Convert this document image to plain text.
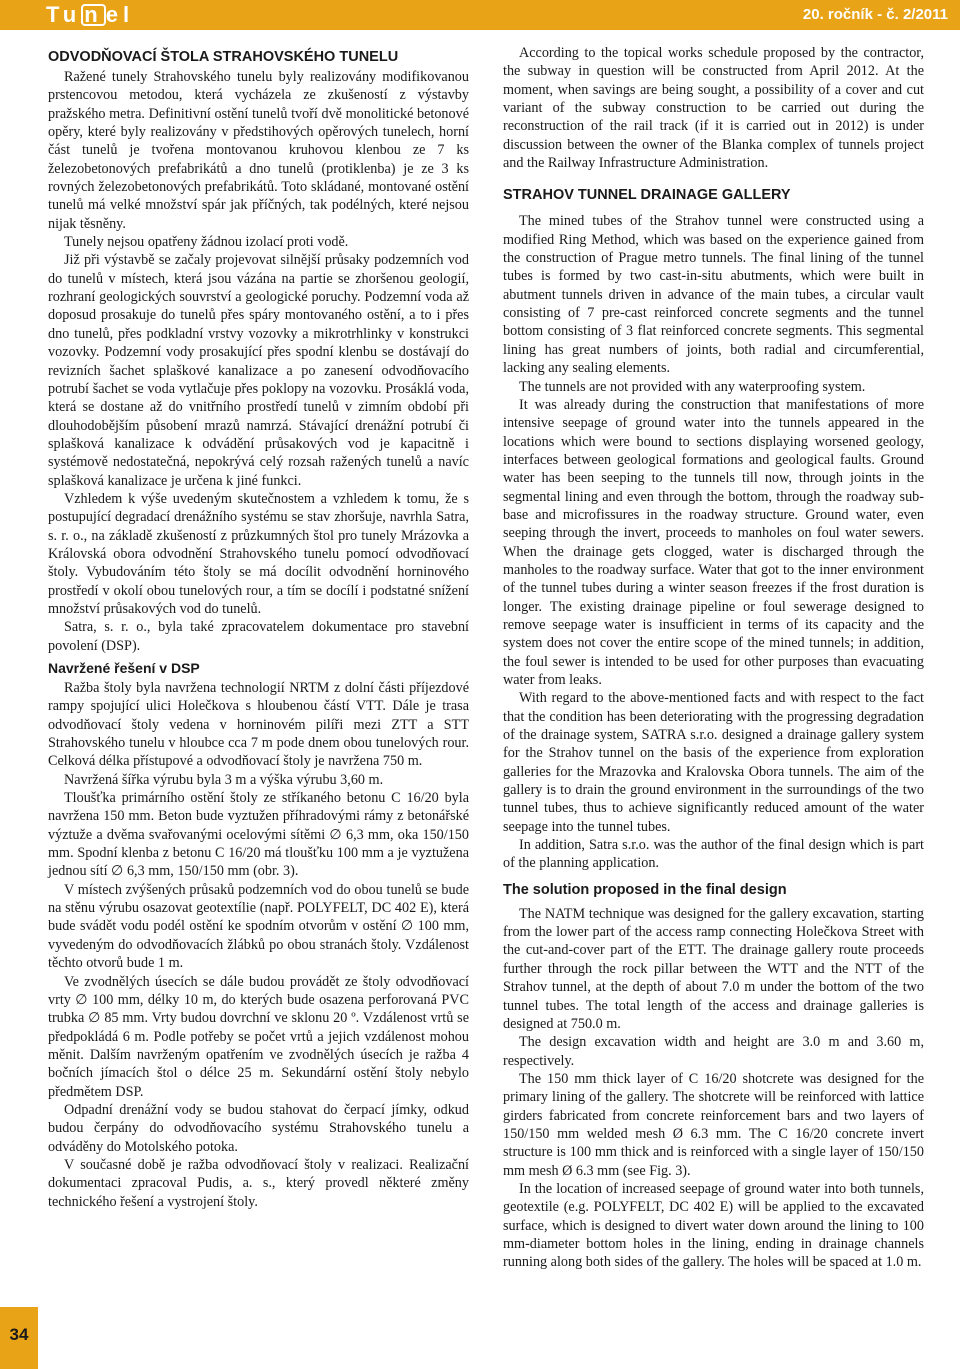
Tu n el	20. ročník - č. 2/2011
ODVODŇOVACÍ ŠTOLA STRAHOVSKÉHO TUNELU

Ražené tunely Strahovského tunelu byly realizovány modifikovanou prstencovou metodou, která vycházela ze zkušeností z výstavby pražského metra. Definitivní ostění tunelů tvoří dvě monolitické betonové opěry, které byly realizovány v předstihových opěrových tunelech, horní část tunelů je tvořena montovanou kruhovou klenbou ze 7 ks železobetonových prefabrikátů a dno tunelů (protiklenba) je ze 3 ks rovných železobetonových prefabrikátů. Toto skládané, montované ostění tunelů má velké množství spár jak příčných, tak podélných, které nejsou nijak těsněny.

Tunely nejsou opatřeny žádnou izolací proti vodě.

Již při výstavbě se začaly projevovat silnější průsaky podzemních vod do tunelů v místech, která jsou vázána na partie se zhoršenou geologií, rozhraní geologických souvrství a geologické poruchy. Podzemní voda až doposud prosakuje do tunelů přes spáry montovaného ostění, a to i přes dno tunelů, přes podkladní vrstvy vozovky a mikrotrhlinky v konstrukci vozovky. Podzemní vody prosakující přes spodní klenbu se dostávají do revizních šachet splaškové kanalizace a po zanesení odvodňovacího potrubí šachet se voda vytlačuje přes poklopy na vozovku. Prosáklá voda, která se dostane až do vnitřního prostředí tunelů v zimním období při dlouhodobějším působení mrazů namrzá. Stávající drenážní potrubí či splašková kanalizace k odvádění průsakových vod je kapacitně i systémově nedostatečná, nepokrývá celý rozsah ražených tunelů a navíc splašková kanalizace je určena k jiné funkci.

Vzhledem k výše uvedeným skutečnostem a vzhledem k tomu, že s postupující degradací drenážního systému se stav zhoršuje, navrhla Satra, s. r. o., na základě zkušeností z průzkumných štol pro tunely Mrázovka a Královská obora odvodnění Strahovského tunelu pomocí odvodňovací štoly. Vybudováním této štoly se má docílit odvodnění horninového prostředí v okolí obou tunelových rour, a tím se docílí i podstatné snížení množství průsakových vod do tunelů.

Satra, s. r. o., byla také zpracovatelem dokumentace pro stavební povolení (DSP).

Navržené řešení v DSP

Ražba štoly byla navržena technologií NRTM z dolní části příjezdové rampy spojující ulici Holečkova s hloubenou částí VTT. Dále je trasa odvodňovací štoly vedena v horninovém pilíři mezi ZTT a STT Strahovského tunelu v hloubce cca 7 m pode dnem obou tunelových rour. Celková délka přístupové a odvodňovací štoly je navržena 750 m.

Navržená šířka výrubu byla 3 m a výška výrubu 3,60 m.

Tloušťka primárního ostění štoly ze stříkaného betonu C 16/20 byla navržena 150 mm. Beton bude vyztužen příhradovými rámy z betonářské výztuže a dvěma svařovanými ocelovými sítěmi ∅ 6,3 mm, oka 150/150 mm. Spodní klenba z betonu C 16/20 má tloušťku 100 mm a je vyztužena jednou sítí ∅ 6,3 mm, 150/150 mm (obr. 3).

V místech zvýšených průsaků podzemních vod do obou tunelů se bude na stěnu výrubu osazovat geotextílie (např. POLYFELT, DC 402 E), která bude svádět vodu podél ostění ke spodním otvorům v ostění ∅ 100 mm, vyvedeným do odvodňovacích žlábků po obou stranách štoly. Vzdálenost těchto otvorů bude 1 m.

Ve zvodnělých úsecích se dále budou provádět ze štoly odvodňovací vrty ∅ 100 mm, délky 10 m, do kterých bude osazena perforovaná PVC trubka ∅ 85 mm. Vrty budou dovrchní ve sklonu 20 º. Vzdálenost vrtů se předpokládá 6 m. Podle potřeby se počet vrtů a jejich vzdálenost mohou měnit. Dalším navrženým opatřením ve zvodnělých úsecích je ražba 4 bočních jímacích štol o délce 25 m. Sekundární ostění štoly nebylo předmětem DSP.

Odpadní drenážní vody se budou stahovat do čerpací jímky, odkud budou čerpány do odvodňovacího systému Strahovského tunelu a odváděny do Motolského potoka.

V současné době je ražba odvodňovací štoly v realizaci. Realizační dokumentaci zpracoval Pudis, a. s., který provedl některé změny technického řešení a vystrojení štoly.

According to the topical works schedule proposed by the contractor, the subway in question will be constructed from April 2012. At the moment, when savings are being sought, a possibility of a cover and cut variant of the subway construction to be carried out during the reconstruction of the rail track (if it is carried out in 2012) is under discussion between the owner of the Blanka complex of tunnels project and the Railway Infrastructure Administration.

STRAHOV TUNNEL DRAINAGE GALLERY

The mined tubes of the Strahov tunnel were constructed using a modified Ring Method, which was based on the experience gained from the construction of Prague metro tunnels. The final lining of the tunnel tubes is formed by two cast-in-situ abutments, which were built in abutment tunnels driven in advance of the main tubes, a circular vault consisting of 7 pre-cast reinforced concrete segments and the tunnel bottom consisting of 3 flat reinforced concrete segments. This segmental lining has great numbers of joints, both radial and circumferential, lacking any sealing elements.

The tunnels are not provided with any waterproofing system.

It was already during the construction that manifestations of more intensive seepage of ground water into the tunnels appeared in the locations which were bound to sections displaying worsened geology, interfaces between geological formations and geological faults. Ground water has been seeping to the tunnels till now, through joints in the segmental lining and even through the bottom, through the roadway sub-base and microfissures in the roadway structure. Ground water, even seeping through the invert, proceeds to manholes on foul water sewers. When the drainage gets clogged, water is discharged through the manholes to the roadway surface. Water that got to the inner environment of the tunnel tubes during a winter season freezes if the frost duration is longer. The existing drainage pipeline or foul sewerage designed to remove seepage water is insufficient in terms of its capacity and the system does not cover the entire scope of the mined tunnels; in addition, the foul sewer is intended to be used for other purposes than evacuating water from leaks.

With regard to the above-mentioned facts and with respect to the fact that the condition has been deteriorating with the progressing degradation of the drainage system, SATRA s.r.o. designed a drainage gallery system for the Strahov tunnel on the basis of the experience from exploration galleries for the Mrazovka and Kralovska Obora tunnels. The aim of the gallery is to drain the ground environment in the surroundings of the two tunnel tubes, thus to achieve significantly reduced amount of the water seepage into the tunnel tubes.

In addition, Satra s.r.o. was the author of the final design which is part of the planning application.

The solution proposed in the final design

The NATM technique was designed for the gallery excavation, starting from the lower part of the access ramp connecting Holečkova Street with the cut-and-cover part of the ETT. The drainage gallery route proceeds further through the rock pillar between the WTT and the NTT of the Strahov tunnel, at the depth of about 7.0 m under the bottom of the two tunnel tubes. The total length of the access and drainage galleries is designed at 750.0 m.

The design excavation width and height are 3.0 m and 3.60 m, respectively.

The 150 mm thick layer of C 16/20 shotcrete was designed for the primary lining of the gallery. The shotcrete will be reinforced with lattice girders fabricated from concrete reinforcement bars and two layers of 150/150 mm welded mesh Ø 6.3 mm. The C 16/20 concrete invert structure is 100 mm thick and is reinforced with a single layer of 150/150 mm mesh Ø 6.3 mm (see Fig. 3).

In the location of increased seepage of ground water into both tunnels, geotextile (e.g. POLYFELT, DC 402 E) will be applied to the excavated surface, which is designed to divert water down around the lining to 100 mm-diameter bottom holes in the lining, ending in drainage channels running along both sides of the gallery. The holes will be spaced at 1.0 m.

34
